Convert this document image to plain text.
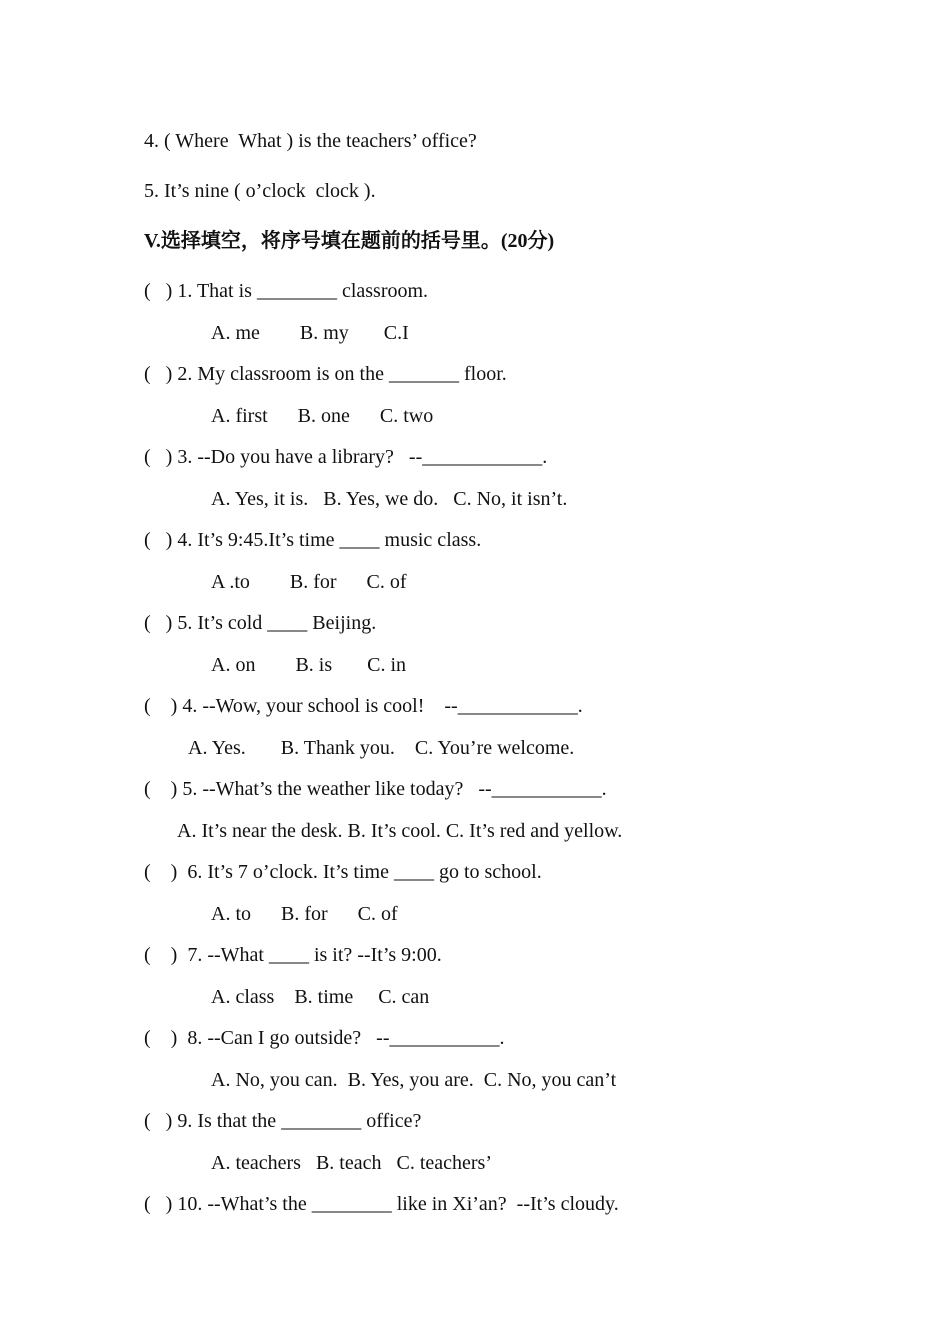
4. ( Where  What ) is the teachers’ office?
5. It’s nine ( o’clock  clock ).
V.选择填空，将序号填在题前的括号里。(20分)
(   ) 1. That is ________ classroom.
A. me        B. my       C.I
(   ) 2. My classroom is on the _______ floor.
A. first      B. one      C. two
(   ) 3. --Do you have a library?   --____________.
A. Yes, it is.   B. Yes, we do.   C. No, it isn’t.
(   ) 4. It’s 9:45.It’s time ____ music class.
A .to        B. for      C. of
(   ) 5. It’s cold ____ Beijing.
A. on        B. is       C. in
(    ) 4. --Wow, your school is cool!    --____________.
A. Yes.       B. Thank you.    C. You’re welcome.
(    ) 5. --What’s the weather like today?   --___________.
A. It’s near the desk. B. It’s cool. C. It’s red and yellow.
(    )  6. It’s 7 o’clock. It’s time ____ go to school.
A. to      B. for      C. of
(    )  7. --What ____ is it? --It’s 9:00.
A. class    B. time     C. can
(    )  8. --Can I go outside?   --___________.
A. No, you can.  B. Yes, you are.  C. No, you can’t
(   ) 9. Is that the ________ office?
A. teachers   B. teach   C. teachers’
(   ) 10. --What’s the ________ like in Xi’an?  --It’s cloudy.
